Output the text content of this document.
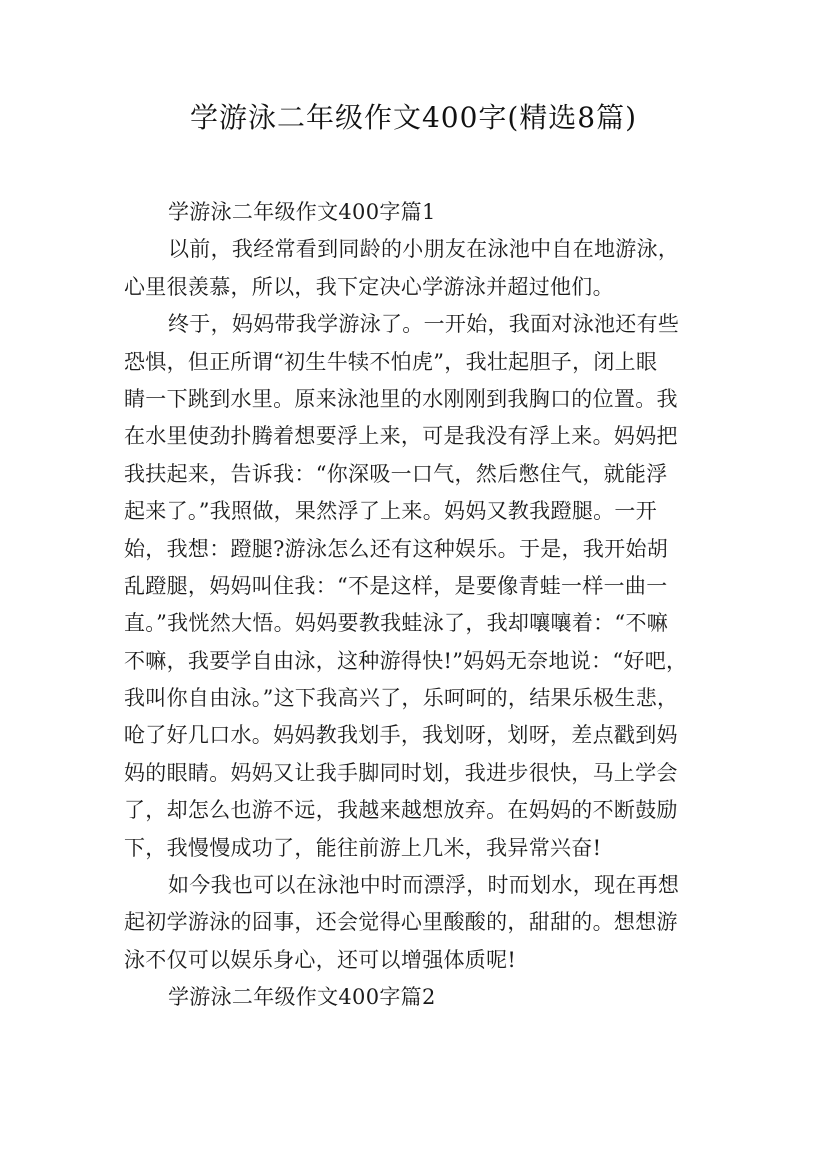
学游泳二年级作文400字(精选8篇)
学游泳二年级作文400字篇1
以前，我经常看到同龄的小朋友在泳池中自在地游泳，
心里很羡慕，所以，我下定决心学游泳并超过他们。
终于，妈妈带我学游泳了。一开始，我面对泳池还有些
恐惧，但正所谓“初生牛犊不怕虎”，我壮起胆子，闭上眼
睛一下跳到水里。原来泳池里的水刚刚到我胸口的位置。我
在水里使劲扑腾着想要浮上来，可是我没有浮上来。妈妈把
我扶起来，告诉我：“你深吸一口气，然后憋住气，就能浮
起来了。”我照做，果然浮了上来。妈妈又教我蹬腿。一开
始，我想：蹬腿?游泳怎么还有这种娱乐。于是，我开始胡
乱蹬腿，妈妈叫住我：“不是这样，是要像青蛙一样一曲一
直。”我恍然大悟。妈妈要教我蛙泳了，我却嚷嚷着：“不嘛
不嘛，我要学自由泳，这种游得快!”妈妈无奈地说：“好吧，
我叫你自由泳。”这下我高兴了，乐呵呵的，结果乐极生悲，
呛了好几口水。妈妈教我划手，我划呀，划呀，差点戳到妈
妈的眼睛。妈妈又让我手脚同时划，我进步很快，马上学会
了，却怎么也游不远，我越来越想放弃。在妈妈的不断鼓励
下，我慢慢成功了，能往前游上几米，我异常兴奋!
如今我也可以在泳池中时而漂浮，时而划水，现在再想
起初学游泳的囧事，还会觉得心里酸酸的，甜甜的。想想游
泳不仅可以娱乐身心，还可以增强体质呢!
学游泳二年级作文400字篇2
